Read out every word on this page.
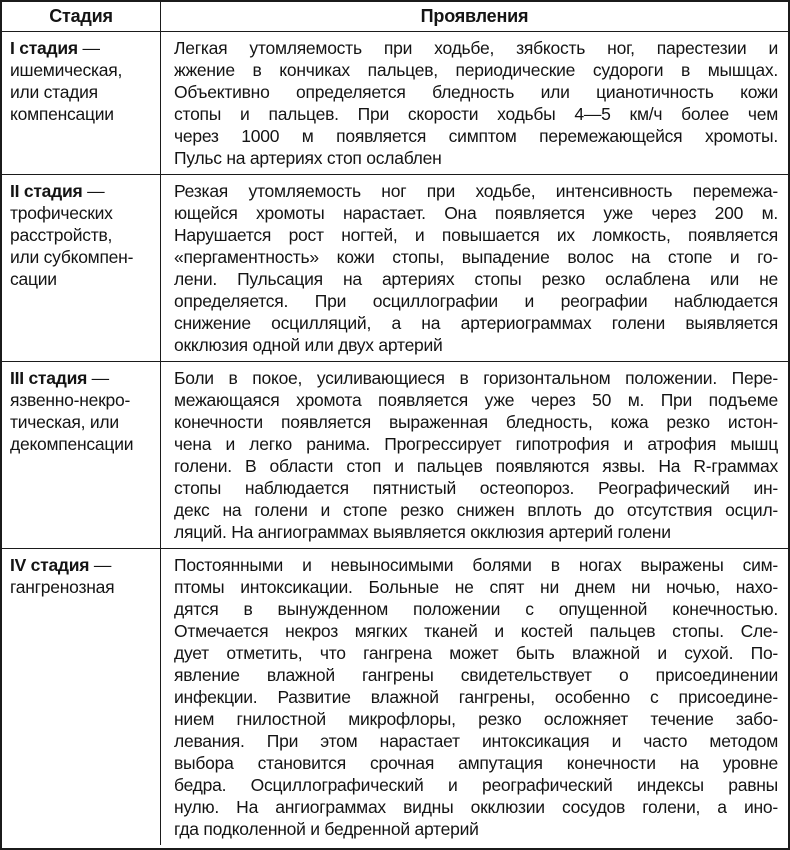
Стадия	Проявления
I стадия —
ишемическая,
или стадия
компенсации
Легкая утомляемость при ходьбе, зябкость ног, парестезии и
жжение в кончиках пальцев, периодические судороги в мышцах.
Объективно определяется бледность или цианотичность кожи
стопы и пальцев. При скорости ходьбы 4—5 км/ч более чем
через 1000 м появляется симптом перемежающейся хромоты.
Пульс на артериях стоп ослаблен
II стадия —
трофических
расстройств,
или субкомпен-
сации
Резкая утомляемость ног при ходьбе, интенсивность перемежа-
ющейся хромоты нарастает. Она появляется уже через 200 м.
Нарушается рост ногтей, и повышается их ломкость, появляется
«пергаментность» кожи стопы, выпадение волос на стопе и го-
лени. Пульсация на артериях стопы резко ослаблена или не
определяется. При осциллографии и реографии наблюдается
снижение осцилляций, а на артериограммах голени выявляется
окклюзия одной или двух артерий
III стадия —
язвенно-некро-
тическая, или
декомпенсации
Боли в покое, усиливающиеся в горизонтальном положении. Пере-
межающаяся хромота появляется уже через 50 м. При подъеме
конечности появляется выраженная бледность, кожа резко истон-
чена и легко ранима. Прогрессирует гипотрофия и атрофия мышц
голени. В области стоп и пальцев появляются язвы. На R-граммах
стопы наблюдается пятнистый остеопороз. Реографический ин-
декс на голени и стопе резко снижен вплоть до отсутствия осцил-
ляций. На ангиограммах выявляется окклюзия артерий голени
IV стадия —
гангренозная
Постоянными и невыносимыми болями в ногах выражены сим-
птомы интоксикации. Больные не спят ни днем ни ночью, нахо-
дятся в вынужденном положении с опущенной конечностью.
Отмечается некроз мягких тканей и костей пальцев стопы. Сле-
дует отметить, что гангрена может быть влажной и сухой. По-
явление влажной гангрены свидетельствует о присоединении
инфекции. Развитие влажной гангрены, особенно с присоедине-
нием гнилостной микрофлоры, резко осложняет течение забо-
левания. При этом нарастает интоксикация и часто методом
выбора становится срочная ампутация конечности на уровне
бедра. Осциллографический и реографический индексы равны
нулю. На ангиограммах видны окклюзии сосудов голени, а ино-
гда подколенной и бедренной артерий
